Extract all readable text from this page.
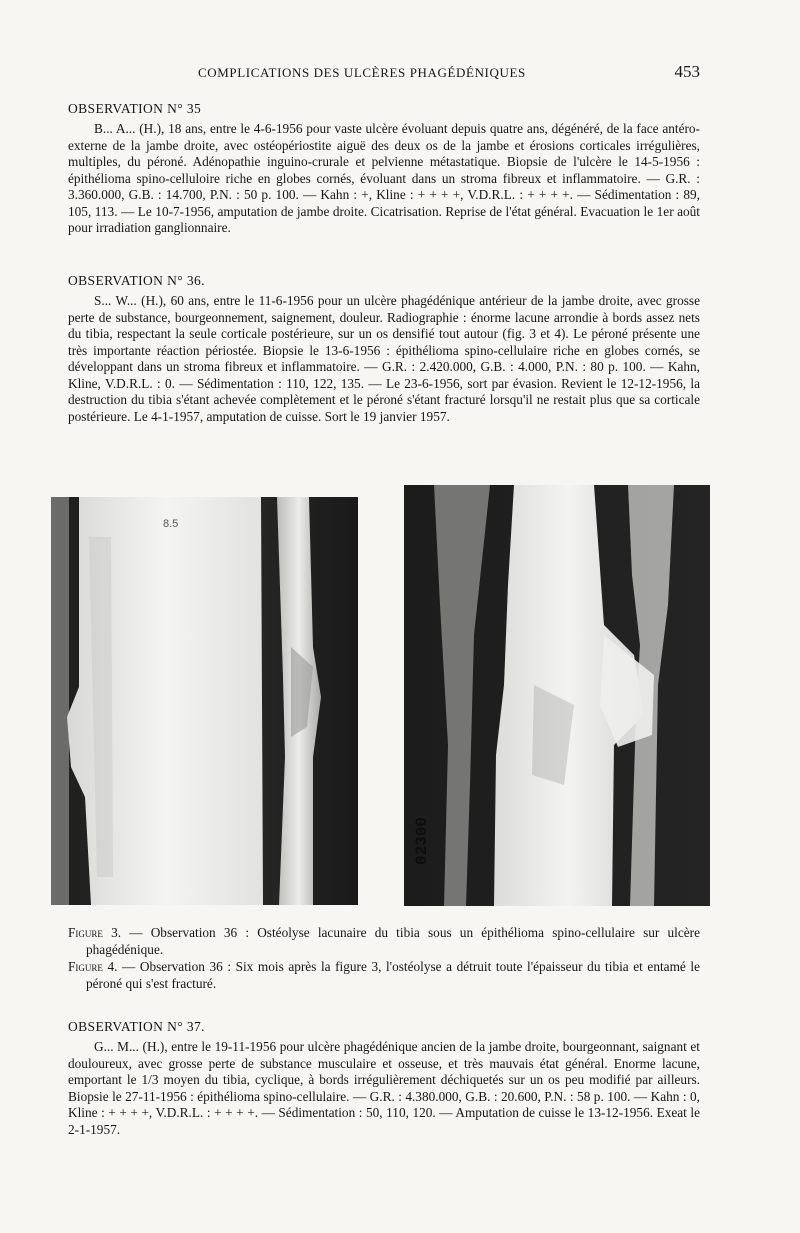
COMPLICATIONS DES ULCÈRES PHAGÉDÉNIQUES	453

OBSERVATION N° 35

B... A... (H.), 18 ans, entre le 4-6-1956 pour vaste ulcère évoluant depuis quatre ans, dégénéré, de la face antéro-externe de la jambe droite, avec ostéopériostite aiguë des deux os de la jambe et érosions corticales irrégulières, multiples, du péroné. Adénopathie inguino-crurale et pelvienne métastatique. Biopsie de l'ulcère le 14-5-1956 : épithélioma spino-celluloire riche en globes cornés, évoluant dans un stroma fibreux et inflammatoire. — G.R. : 3.360.000, G.B. : 14.700, P.N. : 50 p. 100. — Kahn : +, Kline : + + + +, V.D.R.L. : + + + +. — Sédimentation : 89, 105, 113. — Le 10-7-1956, amputation de jambe droite. Cicatrisation. Reprise de l'état général. Evacuation le 1er août pour irradiation ganglionnaire.

OBSERVATION N° 36.

S... W... (H.), 60 ans, entre le 11-6-1956 pour un ulcère phagédénique antérieur de la jambe droite, avec grosse perte de substance, bourgeonnement, saignement, douleur. Radiographie : énorme lacune arrondie à bords assez nets du tibia, respectant la seule corticale postérieure, sur un os densifié tout autour (fig. 3 et 4). Le péroné présente une très importante réaction périostée. Biopsie le 13-6-1956 : épithélioma spino-cellulaire riche en globes cornés, se développant dans un stroma fibreux et inflammatoire. — G.R. : 2.420.000, G.B. : 4.000, P.N. : 80 p. 100. — Kahn, Kline, V.D.R.L. : 0. — Sédimentation : 110, 122, 135. — Le 23-6-1956, sort par évasion. Revient le 12-12-1956, la destruction du tibia s'étant achevée complètement et le péroné s'étant fracturé lorsqu'il ne restait plus que sa corticale postérieure. Le 4-1-1957, amputation de cuisse. Sort le 19 janvier 1957.

8.5
02300
Figure 3. — Observation 36 : Ostéolyse lacunaire du tibia sous un épithélioma spino-cellulaire sur ulcère phagédénique.
Figure 4. — Observation 36 : Six mois après la figure 3, l'ostéolyse a détruit toute l'épaisseur du tibia et entamé le péroné qui s'est fracturé.

OBSERVATION N° 37.

G... M... (H.), entre le 19-11-1956 pour ulcère phagédénique ancien de la jambe droite, bourgeonnant, saignant et douloureux, avec grosse perte de substance musculaire et osseuse, et très mauvais état général. Enorme lacune, emportant le 1/3 moyen du tibia, cyclique, à bords irrégulièrement déchiquetés sur un os peu modifié par ailleurs. Biopsie le 27-11-1956 : épithélioma spino-cellulaire. — G.R. : 4.380.000, G.B. : 20.600, P.N. : 58 p. 100. — Kahn : 0, Kline : + + + +, V.D.R.L. : + + + +. — Sédimentation : 50, 110, 120. — Amputation de cuisse le 13-12-1956. Exeat le 2-1-1957.
